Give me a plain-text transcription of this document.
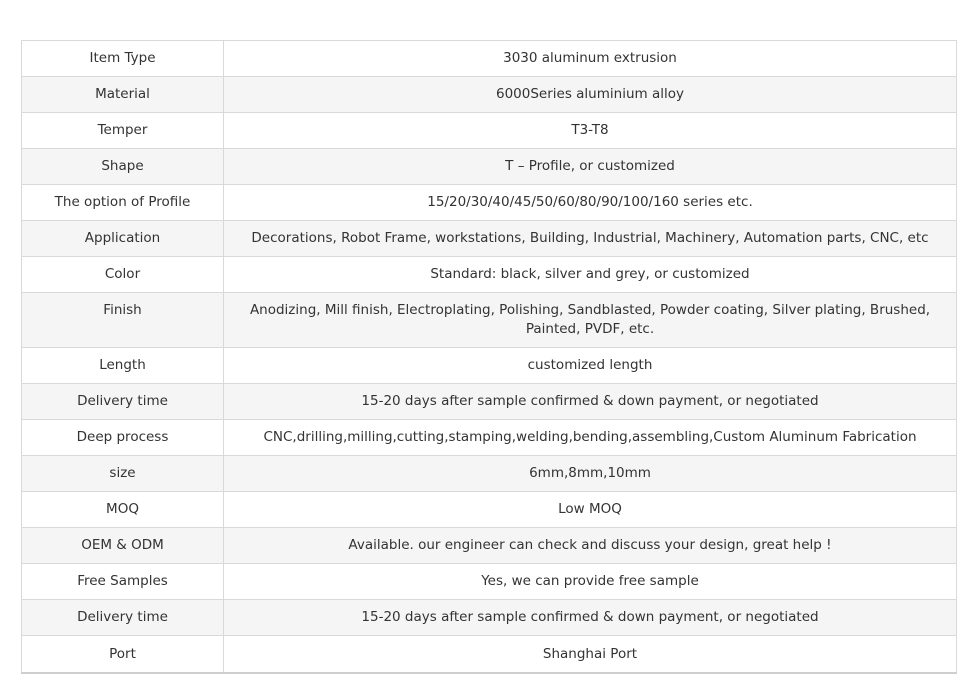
Item Type	3030 aluminum extrusion
Material	6000Series aluminium alloy
Temper	T3-T8
Shape	T – Profile, or customized
The option of Profile	15/20/30/40/45/50/60/80/90/100/160 series etc.
Application	Decorations, Robot Frame, workstations, Building, Industrial, Machinery, Automation parts, CNC, etc
Color	Standard: black, silver and grey, or customized
Finish	Anodizing, Mill finish, Electroplating, Polishing, Sandblasted, Powder coating, Silver plating, Brushed, Painted, PVDF, etc.
Length	customized length
Delivery time	15-20 days after sample confirmed & down payment, or negotiated
Deep process	CNC,drilling,milling,cutting,stamping,welding,bending,assembling,Custom Aluminum Fabrication
size	6mm,8mm,10mm
MOQ	Low MOQ
OEM & ODM	Available. our engineer can check and discuss your design, great help !
Free Samples	Yes, we can provide free sample
Delivery time	15-20 days after sample confirmed & down payment, or negotiated
Port	Shanghai Port
